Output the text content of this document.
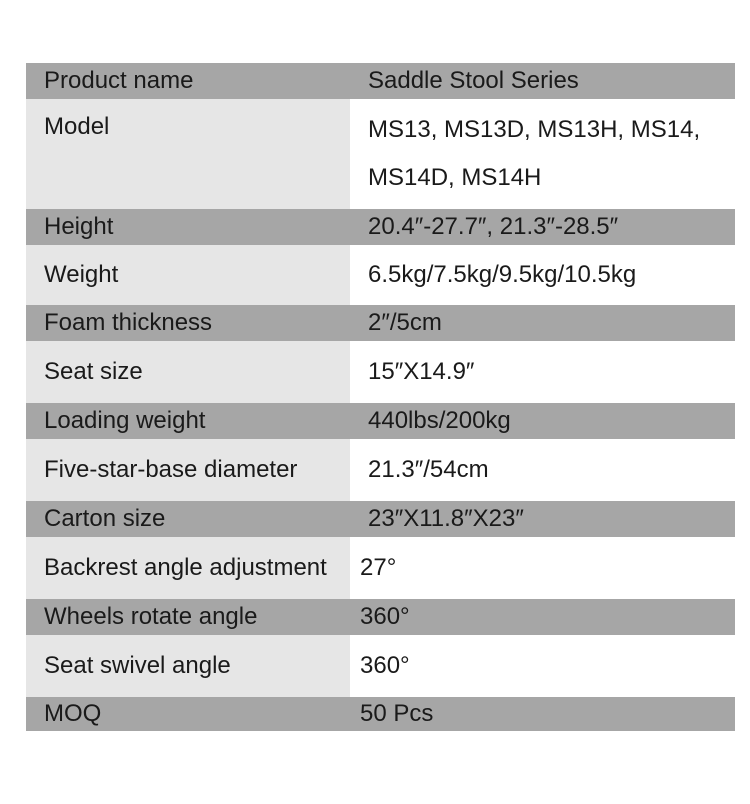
Product name	Saddle Stool Series
Model	MS13, MS13D, MS13H, MS14,
MS14D, MS14H

Height	20.4″-27.7″, 21.3″-28.5″
Weight	6.5kg/7.5kg/9.5kg/10.5kg
Foam thickness	2″/5cm
Seat size	15″X14.9″
Loading weight	440lbs/200kg
Five-star-base diameter	21.3″/54cm
Carton size	23″X11.8″X23″
Backrest angle adjustment	27°
Wheels rotate angle	360°
Seat swivel angle	360°
MOQ	50 Pcs
